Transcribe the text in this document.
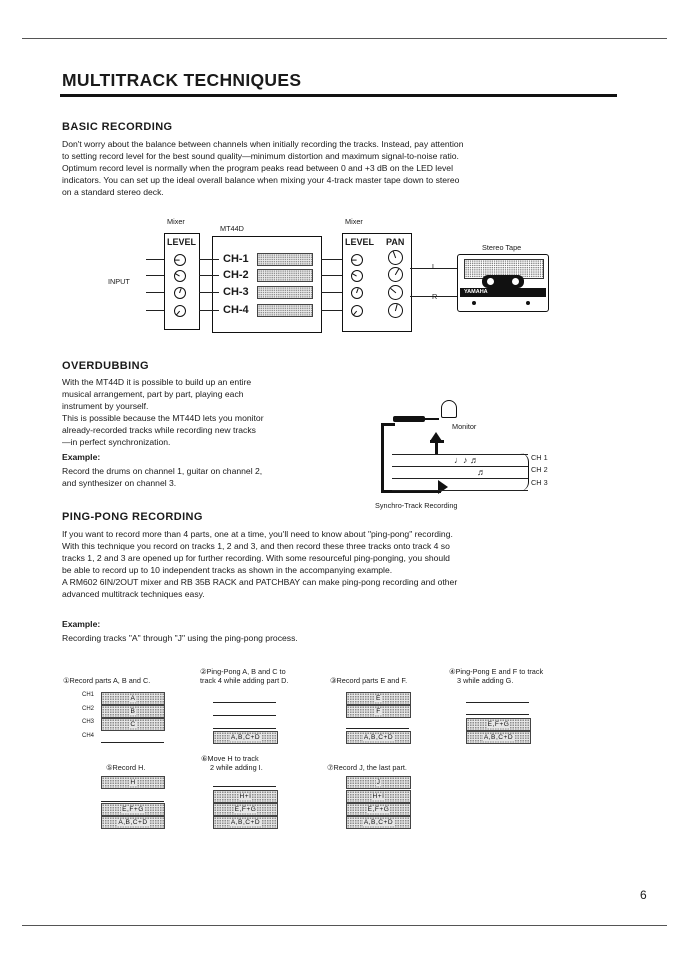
MULTITRACK TECHNIQUES
BASIC RECORDING

Don't worry about the balance between channels when initially recording the tracks. Instead, pay attention

to setting record level for the best sound quality—minimum distortion and maximum signal-to-noise ratio.

Optimum record level is normally when the program peaks read between 0 and +3 dB on the LED level

indicators. You can set up the ideal overall balance when mixing your 4-track master tape down to stereo

on a standard stereo deck.

Mixer
MT44D
Mixer
INPUT
LEVEL
CH-1
CH-2
CH-3
CH-4
LEVEL PAN
L
R
Stereo Tape
YAMAHA
OVERDUBBING

With the MT44D it is possible to build up an entire

musical arrangement, part by part, playing each

instrument by yourself.

This is possible because the MT44D lets you monitor

already-recorded tracks while recording new tracks

—in perfect synchronization.

Example:

Record the drums on channel 1, guitar on channel 2,

and synthesizer on channel 3.

Monitor
♩♪ ♬
♬
CH 1
CH 2
CH 3
Synchro-Track Recording
PING-PONG RECORDING

If you want to record more than 4 parts, one at a time, you'll need to know about "ping-pong" recording.

With this technique you record on tracks 1, 2 and 3, and then record these three tracks onto track 4 so

tracks 1, 2 and 3 are opened up for further recording. With some resourceful ping-ponging, you should

be able to record up to 10 independent tracks as shown in the accompanying example.

A RM602 6IN/2OUT mixer and RB 35B RACK and PATCHBAY can make ping-pong recording and other

advanced multitrack techniques easy.

Example:

Recording tracks "A" through "J" using the ping-pong process.

①Record parts A, B and C.
CH1
CH2
CH3
CH4
A
B
C
②Ping-Pong A, B and C to
track 4 while adding part D.
A,B,C+D
③Record parts E and F.
E
F
A,B,C+D
④Ping-Pong E and F to track
3 while adding G.
E,F+G
A,B,C+D
⑤Record H.
H
E,F+G
A,B,C+D
⑥Move H to track
2 while adding I.
H+I
E,F+G
A,B,C+D
⑦Record J, the last part.
J
H+I
E,F+G
A,B,C+D
6
